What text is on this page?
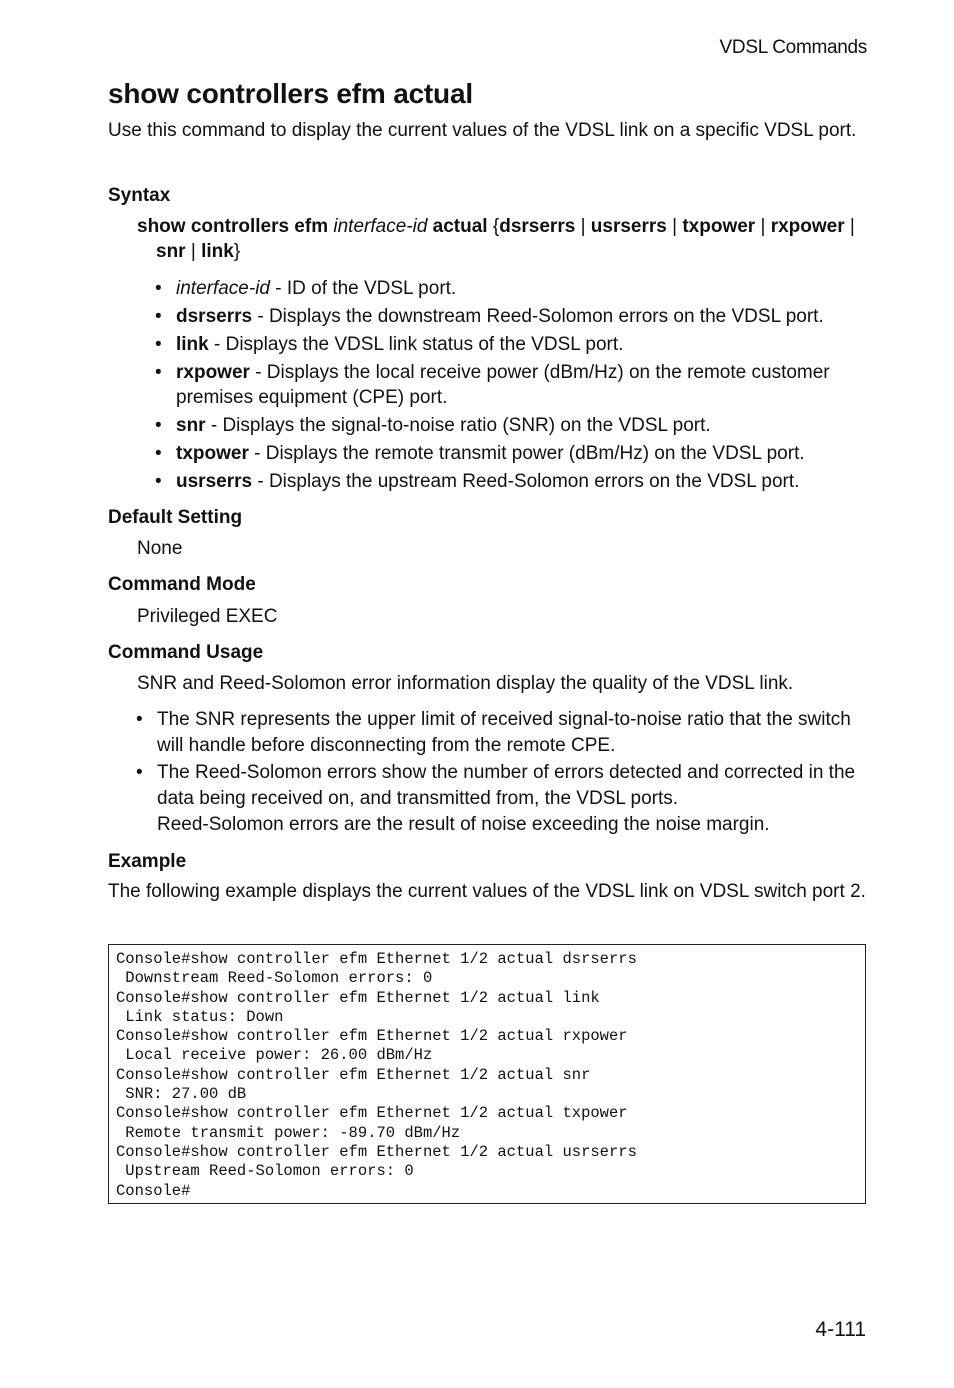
VDSL Commands
show controllers efm actual
Use this command to display the current values of the VDSL link on a specific VDSL port.
Syntax
show controllers efm interface-id actual {dsrserrs | usrserrs | txpower | rxpower | snr | link}
• interface-id - ID of the VDSL port.
• dsrserrs - Displays the downstream Reed-Solomon errors on the VDSL port.
• link - Displays the VDSL link status of the VDSL port.
• rxpower - Displays the local receive power (dBm/Hz) on the remote customer premises equipment (CPE) port.
• snr - Displays the signal-to-noise ratio (SNR) on the VDSL port.
• txpower - Displays the remote transmit power (dBm/Hz) on the VDSL port.
• usrserrs - Displays the upstream Reed-Solomon errors on the VDSL port.
Default Setting
None
Command Mode
Privileged EXEC
Command Usage
SNR and Reed-Solomon error information display the quality of the VDSL link.
• The SNR represents the upper limit of received signal-to-noise ratio that the switch will handle before disconnecting from the remote CPE.
• The Reed-Solomon errors show the number of errors detected and corrected in the data being received on, and transmitted from, the VDSL ports.
Reed-Solomon errors are the result of noise exceeding the noise margin.
Example
The following example displays the current values of the VDSL link on VDSL switch port 2.
Console#show controller efm Ethernet 1/2 actual dsrserrs
Downstream Reed-Solomon errors: 0
Console#show controller efm Ethernet 1/2 actual link
Link status: Down
Console#show controller efm Ethernet 1/2 actual rxpower
Local receive power: 26.00 dBm/Hz
Console#show controller efm Ethernet 1/2 actual snr
SNR: 27.00 dB
Console#show controller efm Ethernet 1/2 actual txpower
Remote transmit power: -89.70 dBm/Hz
Console#show controller efm Ethernet 1/2 actual usrserrs
Upstream Reed-Solomon errors: 0
Console#
4-111
